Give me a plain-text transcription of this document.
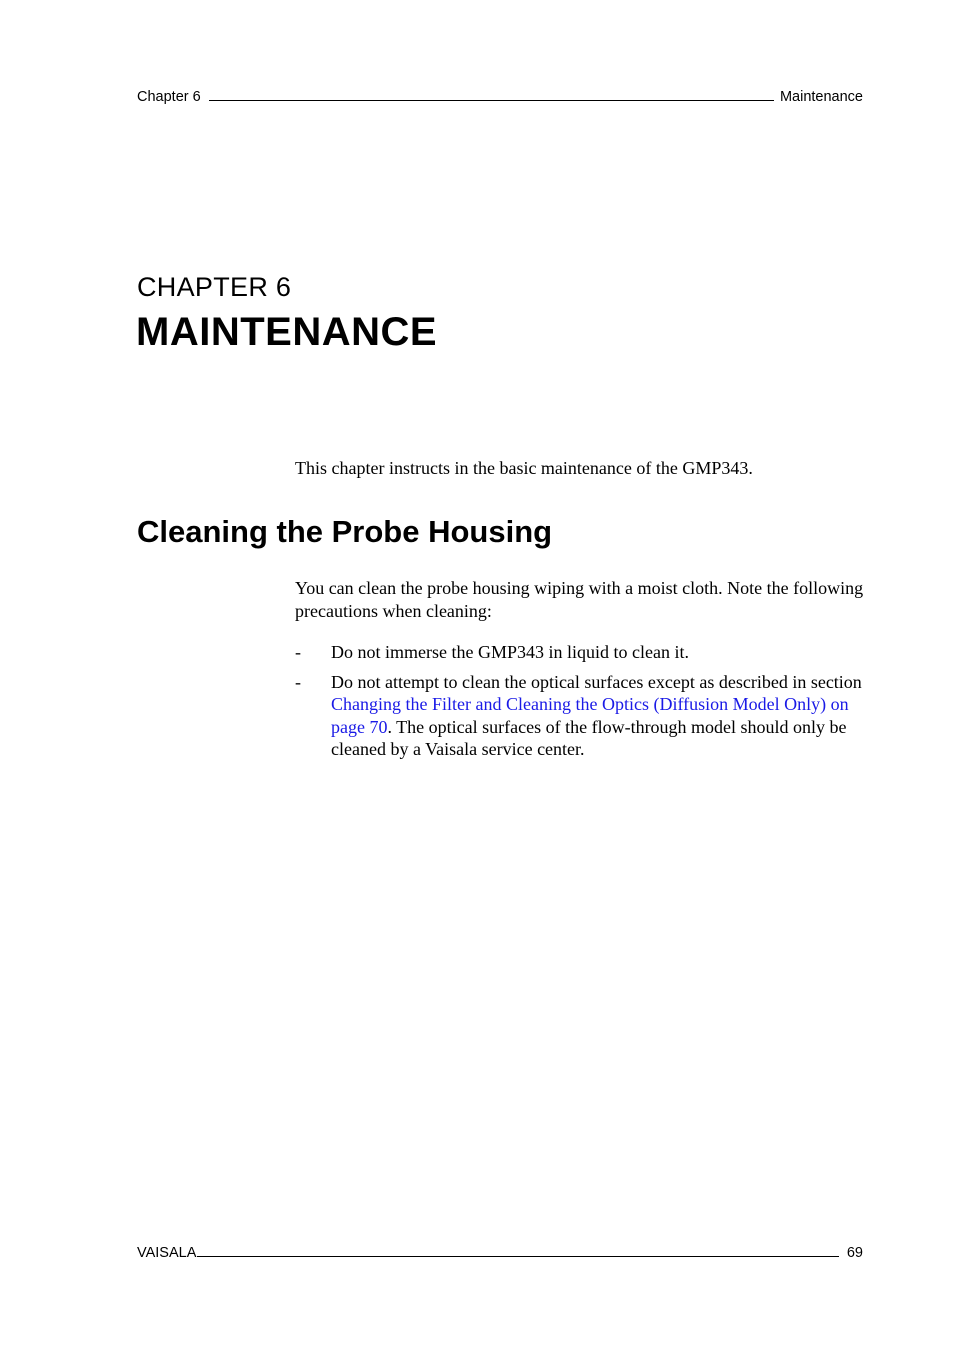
Chapter 6	Maintenance
CHAPTER 6
MAINTENANCE
This chapter instructs in the basic maintenance of the GMP343.
Cleaning the Probe Housing

You can clean the probe housing wiping with a moist cloth. Note the following precautions when cleaning:

-	Do not immerse the GMP343 in liquid to clean it.
-	Do not attempt to clean the optical surfaces except as described in section Changing the Filter and Cleaning the Optics (Diffusion Model Only) on page 70. The optical surfaces of the flow-through model should only be cleaned by a Vaisala service center.
VAISALA	69
